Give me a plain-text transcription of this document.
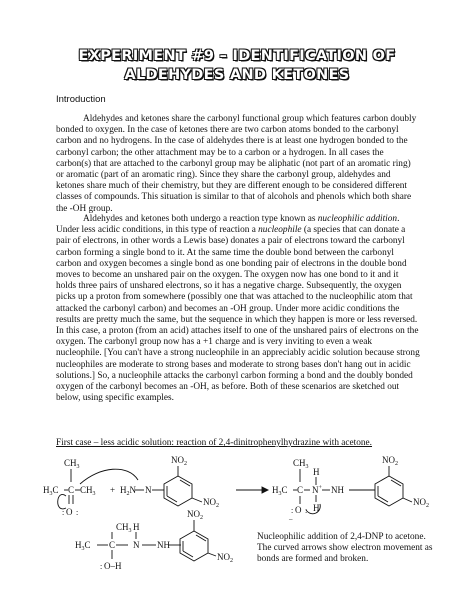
EXPERIMENT #9 – IDENTIFICATION OF
ALDEHYDES AND KETONES
Introduction

Aldehydes and ketones share the carbonyl functional group which features carbon doubly bonded to oxygen. In the case of ketones there are two carbon atoms bonded to the carbonyl carbon and no hydrogens. In the case of aldehydes there is at least one hydrogen bonded to the carbonyl carbon; the other attachment may be to a carbon or a hydrogen. In all cases the carbon(s) that are attached to the carbonyl group may be aliphatic (not part of an aromatic ring) or aromatic (part of an aromatic ring). Since they share the carbonyl group, aldehydes and ketones share much of their chemistry, but they are different enough to be considered different classes of compounds. This situation is similar to that of alcohols and phenols which both share the -OH group.

Aldehydes and ketones both undergo a reaction type known as nucleophilic addition. Under less acidic conditions, in this type of reaction a nucleophile (a species that can donate a pair of electrons, in other words a Lewis base) donates a pair of electrons toward the carbonyl carbon forming a single bond to it. At the same time the double bond between the carbonyl carbon and oxygen becomes a single bond as one bonding pair of electrons in the double bond moves to become an unshared pair on the oxygen. The oxygen now has one bond to it and it holds three pairs of unshared electrons, so it has a negative charge. Subsequently, the oxygen picks up a proton from somewhere (possibly one that was attached to the nucleophilic atom that attacked the carbonyl carbon) and becomes an -OH group. Under more acidic conditions the results are pretty much the same, but the sequence in which they happen is more or less reversed. In this case, a proton (from an acid) attaches itself to one of the unshared pairs of electrons on the oxygen. The carbonyl group now has a +1 charge and is very inviting to even a weak nucleophile. [You can't have a strong nucleophile in an appreciably acidic solution because strong nucleophiles are moderate to strong bases and moderate to strong bases don't hang out in acidic solutions.] So, a nucleophile attacks the carbonyl carbon forming a bond and the doubly bonded oxygen of the carbonyl becomes an -OH, as before. Both of these scenarios are sketched out below, using specific examples.

First case – less acidic solution: reaction of 2,4-dinitrophenylhydrazine with acetone.
$CH_3$
$H_3C$ C $CH_3$
O
: :
+ $H_2N$ N
$NO_2$
$NO_2$
$CH_3$
$H_3C$ C
H
N+
H
NH
O
: :
–
$NO_2$
$NO_2$
$CH_3$ H
$H_3C$ C N NH
O–H
:
$NO_2$
$NO_2$

Nucleophilic addition of 2,4-DNP to acetone. The curved arrows show electron movement as bonds are formed and broken.
